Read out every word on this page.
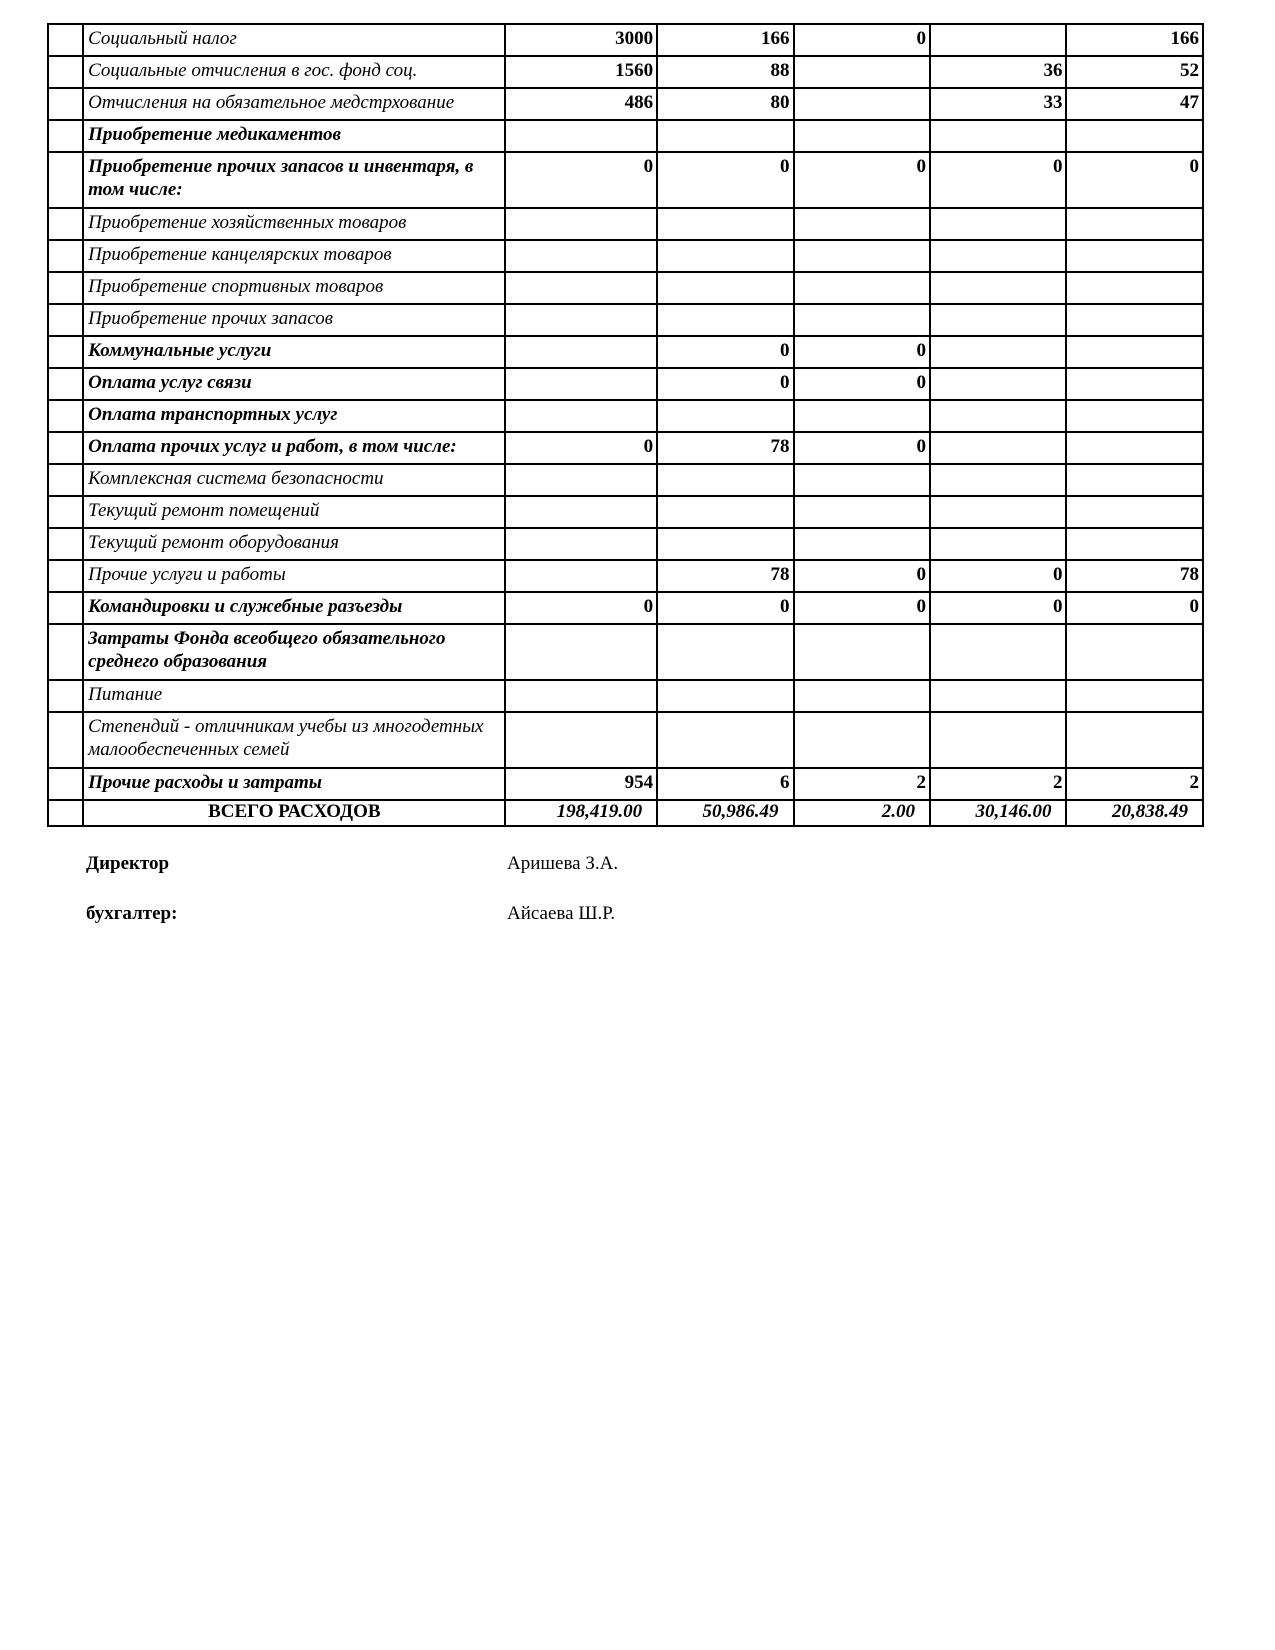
	Социальный налог	3000	166	0		166
	Социальные отчисления в гос. фонд соц.	1560	88		36	52
	Отчисления на обязательное медстрхование	486	80		33	47
	Приобретение медикаментов					
	Приобретение прочих запасов и инвентаря, в том числе:	0	0	0	0	0
	Приобретение хозяйственных товаров					
	Приобретение канцелярских товаров					
	Приобретение спортивных товаров					
	Приобретение прочих запасов					
	Коммунальные услуги		0	0		
	Оплата услуг связи		0	0		
	Оплата транспортных услуг					
	Оплата прочих услуг и работ, в том числе:	0	78	0		
	Комплексная система безопасности					
	Текущий ремонт помещений					
	Текущий ремонт оборудования					
	Прочие услуги и работы		78	0	0	78
	Командировки и служебные разъезды	0	0	0	0	0
	Затраты Фонда всеобщего обязательного среднего образования					
	Питание					
	Степендий - отличникам учебы из многодетных малообеспеченных семей					
	Прочие расходы и затраты	954	6	2	2	2
	ВСЕГО РАСХОДОВ	198,419.00	50,986.49	2.00	30,146.00	20,838.49
Директор	Аришева З.А.
бухгалтер:	Айсаева Ш.Р.
